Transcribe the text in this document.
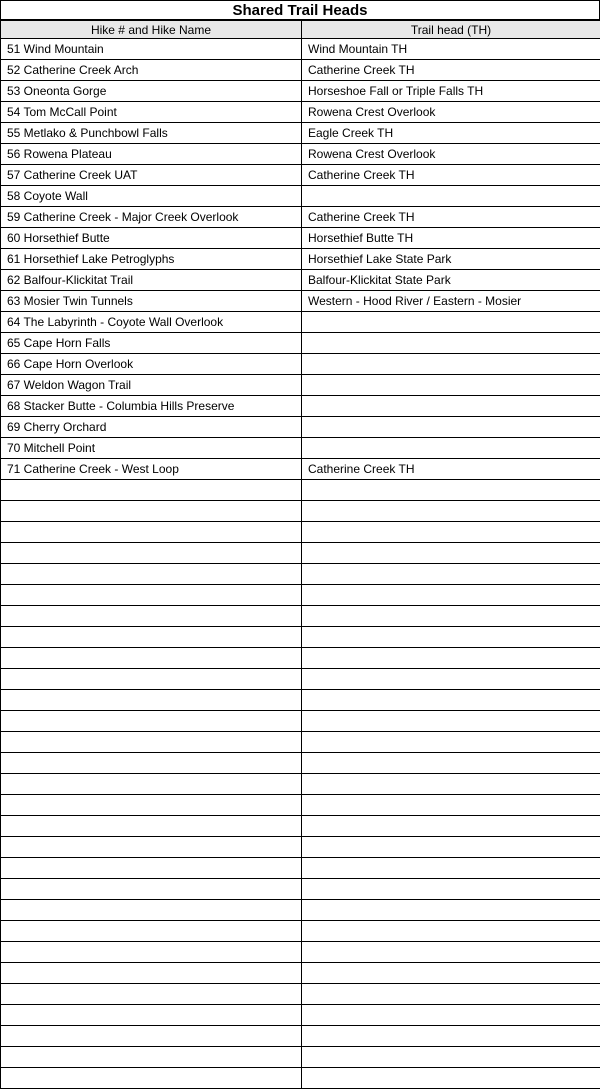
Shared Trail Heads
Hike # and Hike Name	Trail head (TH)
51 Wind Mountain	Wind Mountain TH
52 Catherine Creek Arch	Catherine Creek TH
53 Oneonta Gorge	Horseshoe Fall or Triple Falls TH
54 Tom McCall Point	Rowena Crest Overlook
55 Metlako & Punchbowl Falls	Eagle Creek TH
56 Rowena Plateau	Rowena Crest Overlook
57 Catherine Creek UAT	Catherine Creek TH
58 Coyote Wall	
59 Catherine Creek - Major Creek Overlook	Catherine Creek TH
60 Horsethief Butte	Horsethief Butte TH
61 Horsethief Lake Petroglyphs	Horsethief Lake State Park
62 Balfour-Klickitat Trail	Balfour-Klickitat State Park
63 Mosier Twin Tunnels	Western - Hood River / Eastern - Mosier
64 The Labyrinth - Coyote Wall Overlook	
65 Cape Horn Falls	
66 Cape Horn Overlook	
67 Weldon Wagon Trail	
68 Stacker Butte - Columbia Hills Preserve	
69 Cherry Orchard	
70 Mitchell Point	
71 Catherine Creek - West Loop	Catherine Creek TH
